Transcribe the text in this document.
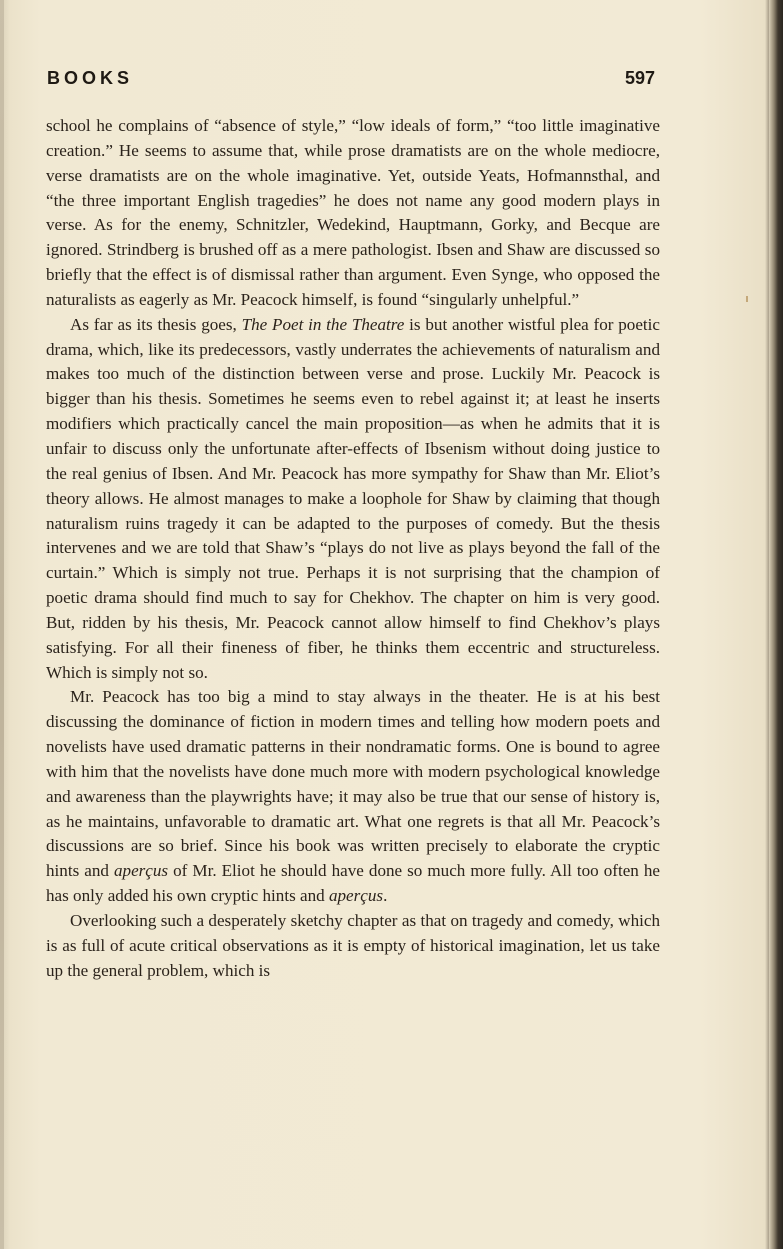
BOOKS	597

school he complains of “absence of style,” “low ideals of form,” “too little imaginative creation.” He seems to assume that, while prose dramatists are on the whole mediocre, verse dramatists are on the whole imaginative. Yet, outside Yeats, Hofmannsthal, and “the three important English tragedies” he does not name any good modern plays in verse. As for the enemy, Schnitzler, Wedekind, Hauptmann, Gorky, and Becque are ignored. Strindberg is brushed off as a mere pathologist. Ibsen and Shaw are discussed so briefly that the effect is of dismissal rather than argument. Even Synge, who opposed the naturalists as eagerly as Mr. Peacock himself, is found “singularly unhelpful.”

As far as its thesis goes, The Poet in the Theatre is but another wistful plea for poetic drama, which, like its predecessors, vastly underrates the achievements of naturalism and makes too much of the distinction between verse and prose. Luckily Mr. Peacock is bigger than his thesis. Sometimes he seems even to rebel against it; at least he inserts modifiers which practically cancel the main proposition—as when he admits that it is unfair to discuss only the unfortunate after-effects of Ibsenism without doing justice to the real genius of Ibsen. And Mr. Peacock has more sympathy for Shaw than Mr. Eliot’s theory allows. He almost manages to make a loophole for Shaw by claiming that though naturalism ruins tragedy it can be adapted to the purposes of comedy. But the thesis intervenes and we are told that Shaw’s “plays do not live as plays beyond the fall of the curtain.” Which is simply not true. Perhaps it is not surprising that the champion of poetic drama should find much to say for Chekhov. The chapter on him is very good. But, ridden by his thesis, Mr. Peacock cannot allow himself to find Chekhov’s plays satisfying. For all their fineness of fiber, he thinks them eccentric and structureless. Which is simply not so.

Mr. Peacock has too big a mind to stay always in the theater. He is at his best discussing the dominance of fiction in modern times and telling how modern poets and novelists have used dramatic patterns in their nondramatic forms. One is bound to agree with him that the novelists have done much more with modern psychological knowledge and awareness than the playwrights have; it may also be true that our sense of history is, as he maintains, unfavorable to dramatic art. What one regrets is that all Mr. Peacock’s discussions are so brief. Since his book was written precisely to elaborate the cryptic hints and aperçus of Mr. Eliot he should have done so much more fully. All too often he has only added his own cryptic hints and aperçus.

Overlooking such a desperately sketchy chapter as that on tragedy and comedy, which is as full of acute critical observations as it is empty of historical imagination, let us take up the general problem, which is
